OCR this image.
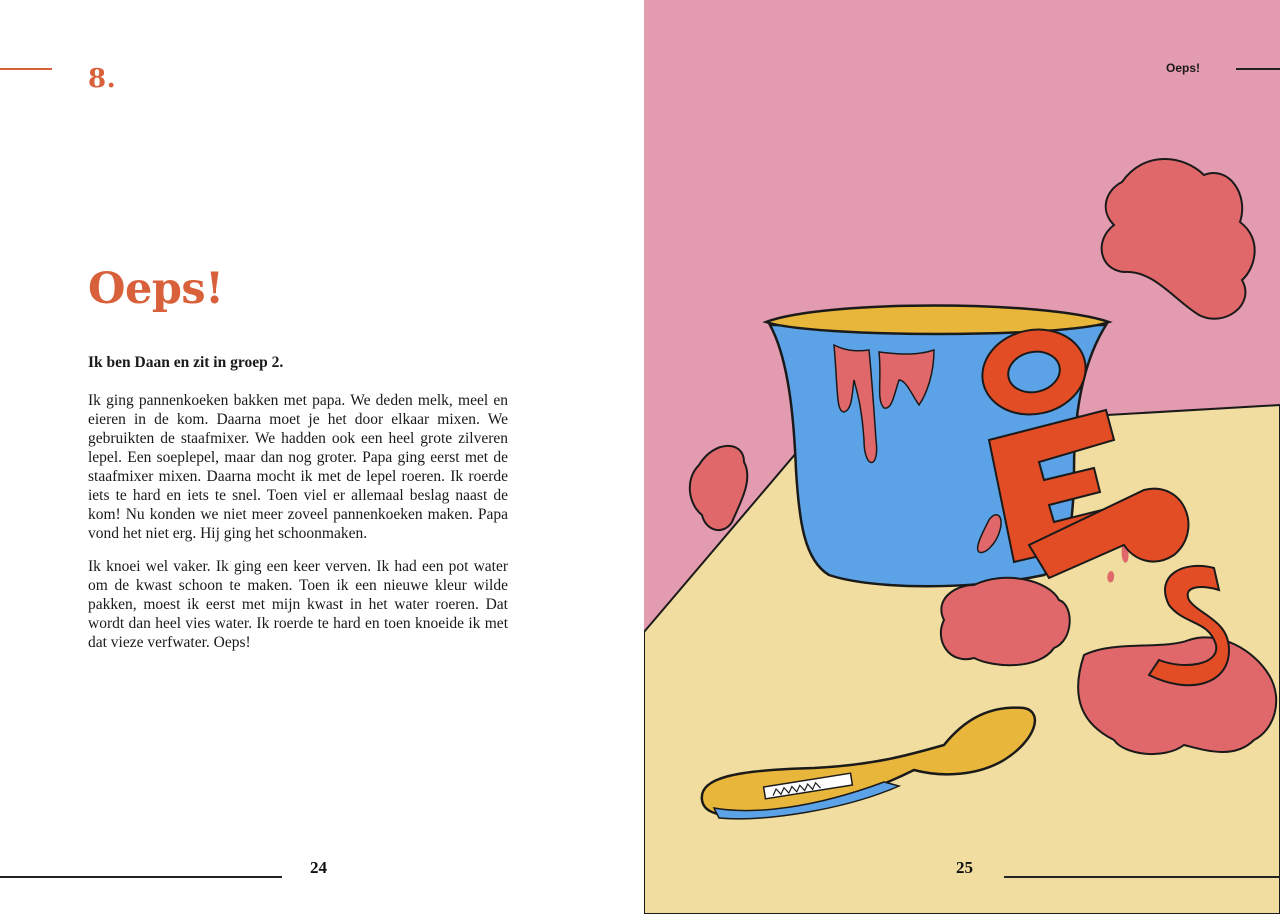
8.
Oeps!

Ik ben Daan en zit in groep 2.

Ik ging pannenkoeken bakken met papa. We deden melk, meel en eieren in de kom. Daarna moet je het door elkaar mixen. We gebruikten de staafmixer. We hadden ook een heel grote zilveren lepel. Een soeplepel, maar dan nog groter. Papa ging eerst met de staafmixer mixen. Daarna mocht ik met de lepel roeren. Ik roerde iets te hard en iets te snel. Toen viel er allemaal beslag naast de kom! Nu konden we niet meer zoveel pannenkoeken maken. Papa vond het niet erg. Hij ging het schoonmaken.

Ik knoei wel vaker. Ik ging een keer verven. Ik had een pot water om de kwast schoon te maken. Toen ik een nieuwe kleur wilde pakken, moest ik eerst met mijn kwast in het water roeren. Dat wordt dan heel vies water. Ik roerde te hard en toen knoeide ik met dat vieze verfwater. Oeps!

24
Oeps!
25
